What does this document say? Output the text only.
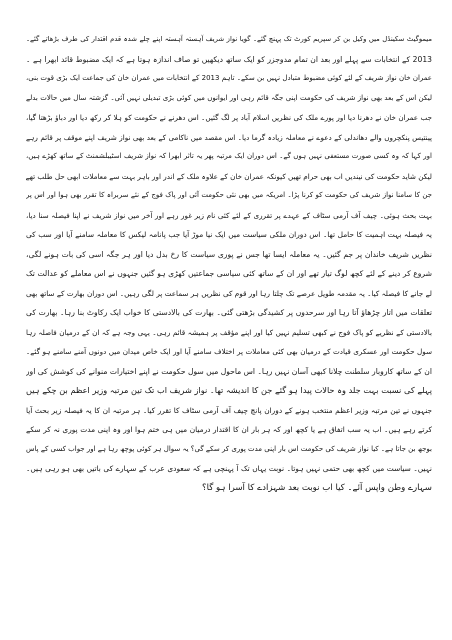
میموگیٹ سکینڈل میں وکیل بن کر سپریم کورٹ تک پہنچ گئے۔ گویا نواز شریف آہستہ آہستہ اپنے چلے شدہ قدم اقتدار کی طرف بڑھاتے گئے۔
2013 کے انتخابات سے پہلے اور بعد ان تمام مدوجزر کو ایک ساتھ دیکھیں تو صاف اندازہ ہوتا ہے کہ ایک مضبوط قائد ابھرا ہے ۔
عمران خان نواز شریف کے لئے کوئی مضبوط متبادل نہیں بن سکے۔ تاہم 2013 کے انتخابات میں عمران خان کی جماعت ایک بڑی قوت بنی،
لیکن اس کے بعد بھی نواز شریف کی حکومت اپنی جگہ قائم رہی اور ایوانوں میں کوئی بڑی تبدیلی نہیں آئی۔ گزشتہ سال میں حالات بدلے
جب عمران خان نے دھرنا دیا اور پورے ملک کی نظریں اسلام آباد پر لگ گئیں۔ اس دھرنے نے حکومت کو ہلا کر رکھ دیا اور دباؤ بڑھتا گیا،
پینتیس پنکچروں والے دھاندلی کے دعوے نے معاملہ زیادہ گرما دیا۔ اس مقصد میں ناکامی کے بعد بھی نواز شریف اپنے موقف پر قائم رہے
اور کہا کہ وہ کسی صورت مستعفی نہیں ہوں گے۔ اس دوران ایک مرتبہ پھر یہ تاثر ابھرا کہ نواز شریف اسٹیبلشمنٹ کے ساتھ کھڑے ہیں،
لیکن شاید حکومت کی نیندیں اب بھی حرام تھیں کیونکہ عمران خان کے علاوہ ملک کے اندر اور باہر بہت سے معاملات ابھی حل طلب تھے
جن کا سامنا نواز شریف کی حکومت کو کرنا پڑا۔ امریکہ میں بھی نئی حکومت آئی اور پاک فوج کے نئے سربراہ کا تقرر بھی ہوا اور اس پر
بہت بحث ہوئی۔ چیف آف آرمی سٹاف کے عہدے پر تقرری کے لئے کئی نام زیر غور رہے اور آخر میں نواز شریف نے اپنا فیصلہ سنا دیا،
یہ فیصلہ بہت اہمیت کا حامل تھا۔ اس دوران ملکی سیاست میں ایک نیا موڑ آیا جب پانامہ لیکس کا معاملہ سامنے آیا اور سب کی
نظریں شریف خاندان پر جم گئیں۔ یہ معاملہ ایسا تھا جس نے پوری سیاست کا رخ بدل دیا اور ہر جگہ اسی کی بات ہونے لگی،
شروع کر دینے کے لئے کچھ لوگ تیار تھے اور ان کے ساتھ کئی سیاسی جماعتیں کھڑی ہو گئیں جنہوں نے اس معاملے کو عدالت تک
لے جانے کا فیصلہ کیا۔ یہ مقدمہ طویل عرصے تک چلتا رہا اور قوم کی نظریں ہر سماعت پر لگی رہیں۔ اس دوران بھارت کے ساتھ بھی
تعلقات میں اتار چڑھاؤ آتا رہا اور سرحدوں پر کشیدگی بڑھتی گئی۔ بھارت کی بالادستی کا خواب ایک رکاوٹ بنا رہا۔ بھارت کی
بالادستی کے نظریے کو پاک فوج نے کبھی تسلیم نہیں کیا اور اپنے مؤقف پر ہمیشہ قائم رہی۔ یہی وجہ ہے کہ ان کے درمیان فاصلہ رہا
سول حکومت اور عسکری قیادت کے درمیان بھی کئی معاملات پر اختلاف سامنے آیا اور ایک خاص میدان میں دونوں آمنے سامنے ہو گئے۔
ان کے ساتھ کاروبار سلطنت چلانا کبھی آسان نہیں رہا۔ اس ماحول میں سول حکومت نے اپنے اختیارات منوانے کی کوشش کی اور
پہلے کی نسبت بہت جلد وہ حالات پیدا ہو گئے جن کا اندیشہ تھا۔ نواز شریف اب تک تین مرتبہ وزیر اعظم بن چکے ہیں
جنہوں نے تین مرتبہ وزیر اعظم منتخب ہونے کے دوران پانچ چیف آف آرمی سٹاف کا تقرر کیا۔ ہر مرتبہ ان کا یہ فیصلہ زیر بحث آیا
کرتے رہے ہیں۔ اب یہ سب اتفاق ہے یا کچھ اور کہ ہر بار ان کا اقتدار درمیان میں ہی ختم ہوا اور وہ اپنی مدت پوری نہ کر سکے
بوجھ بن جاتا ہے۔ کیا نواز شریف کی حکومت اس بار اپنی مدت پوری کر سکے گی؟ یہ سوال ہر کوئی پوچھ رہا ہے اور جواب کسی کے پاس
نہیں۔ سیاست میں کچھ بھی حتمی نہیں ہوتا۔ نوبت یہاں تک آ پہنچی ہے کہ سعودی عرب کے سہارے کی باتیں بھی ہو رہی ہیں۔
سہارے وطن واپس آئے۔ کیا اب نوبت بعد شہزادے کا آسرا ہو گا؟
